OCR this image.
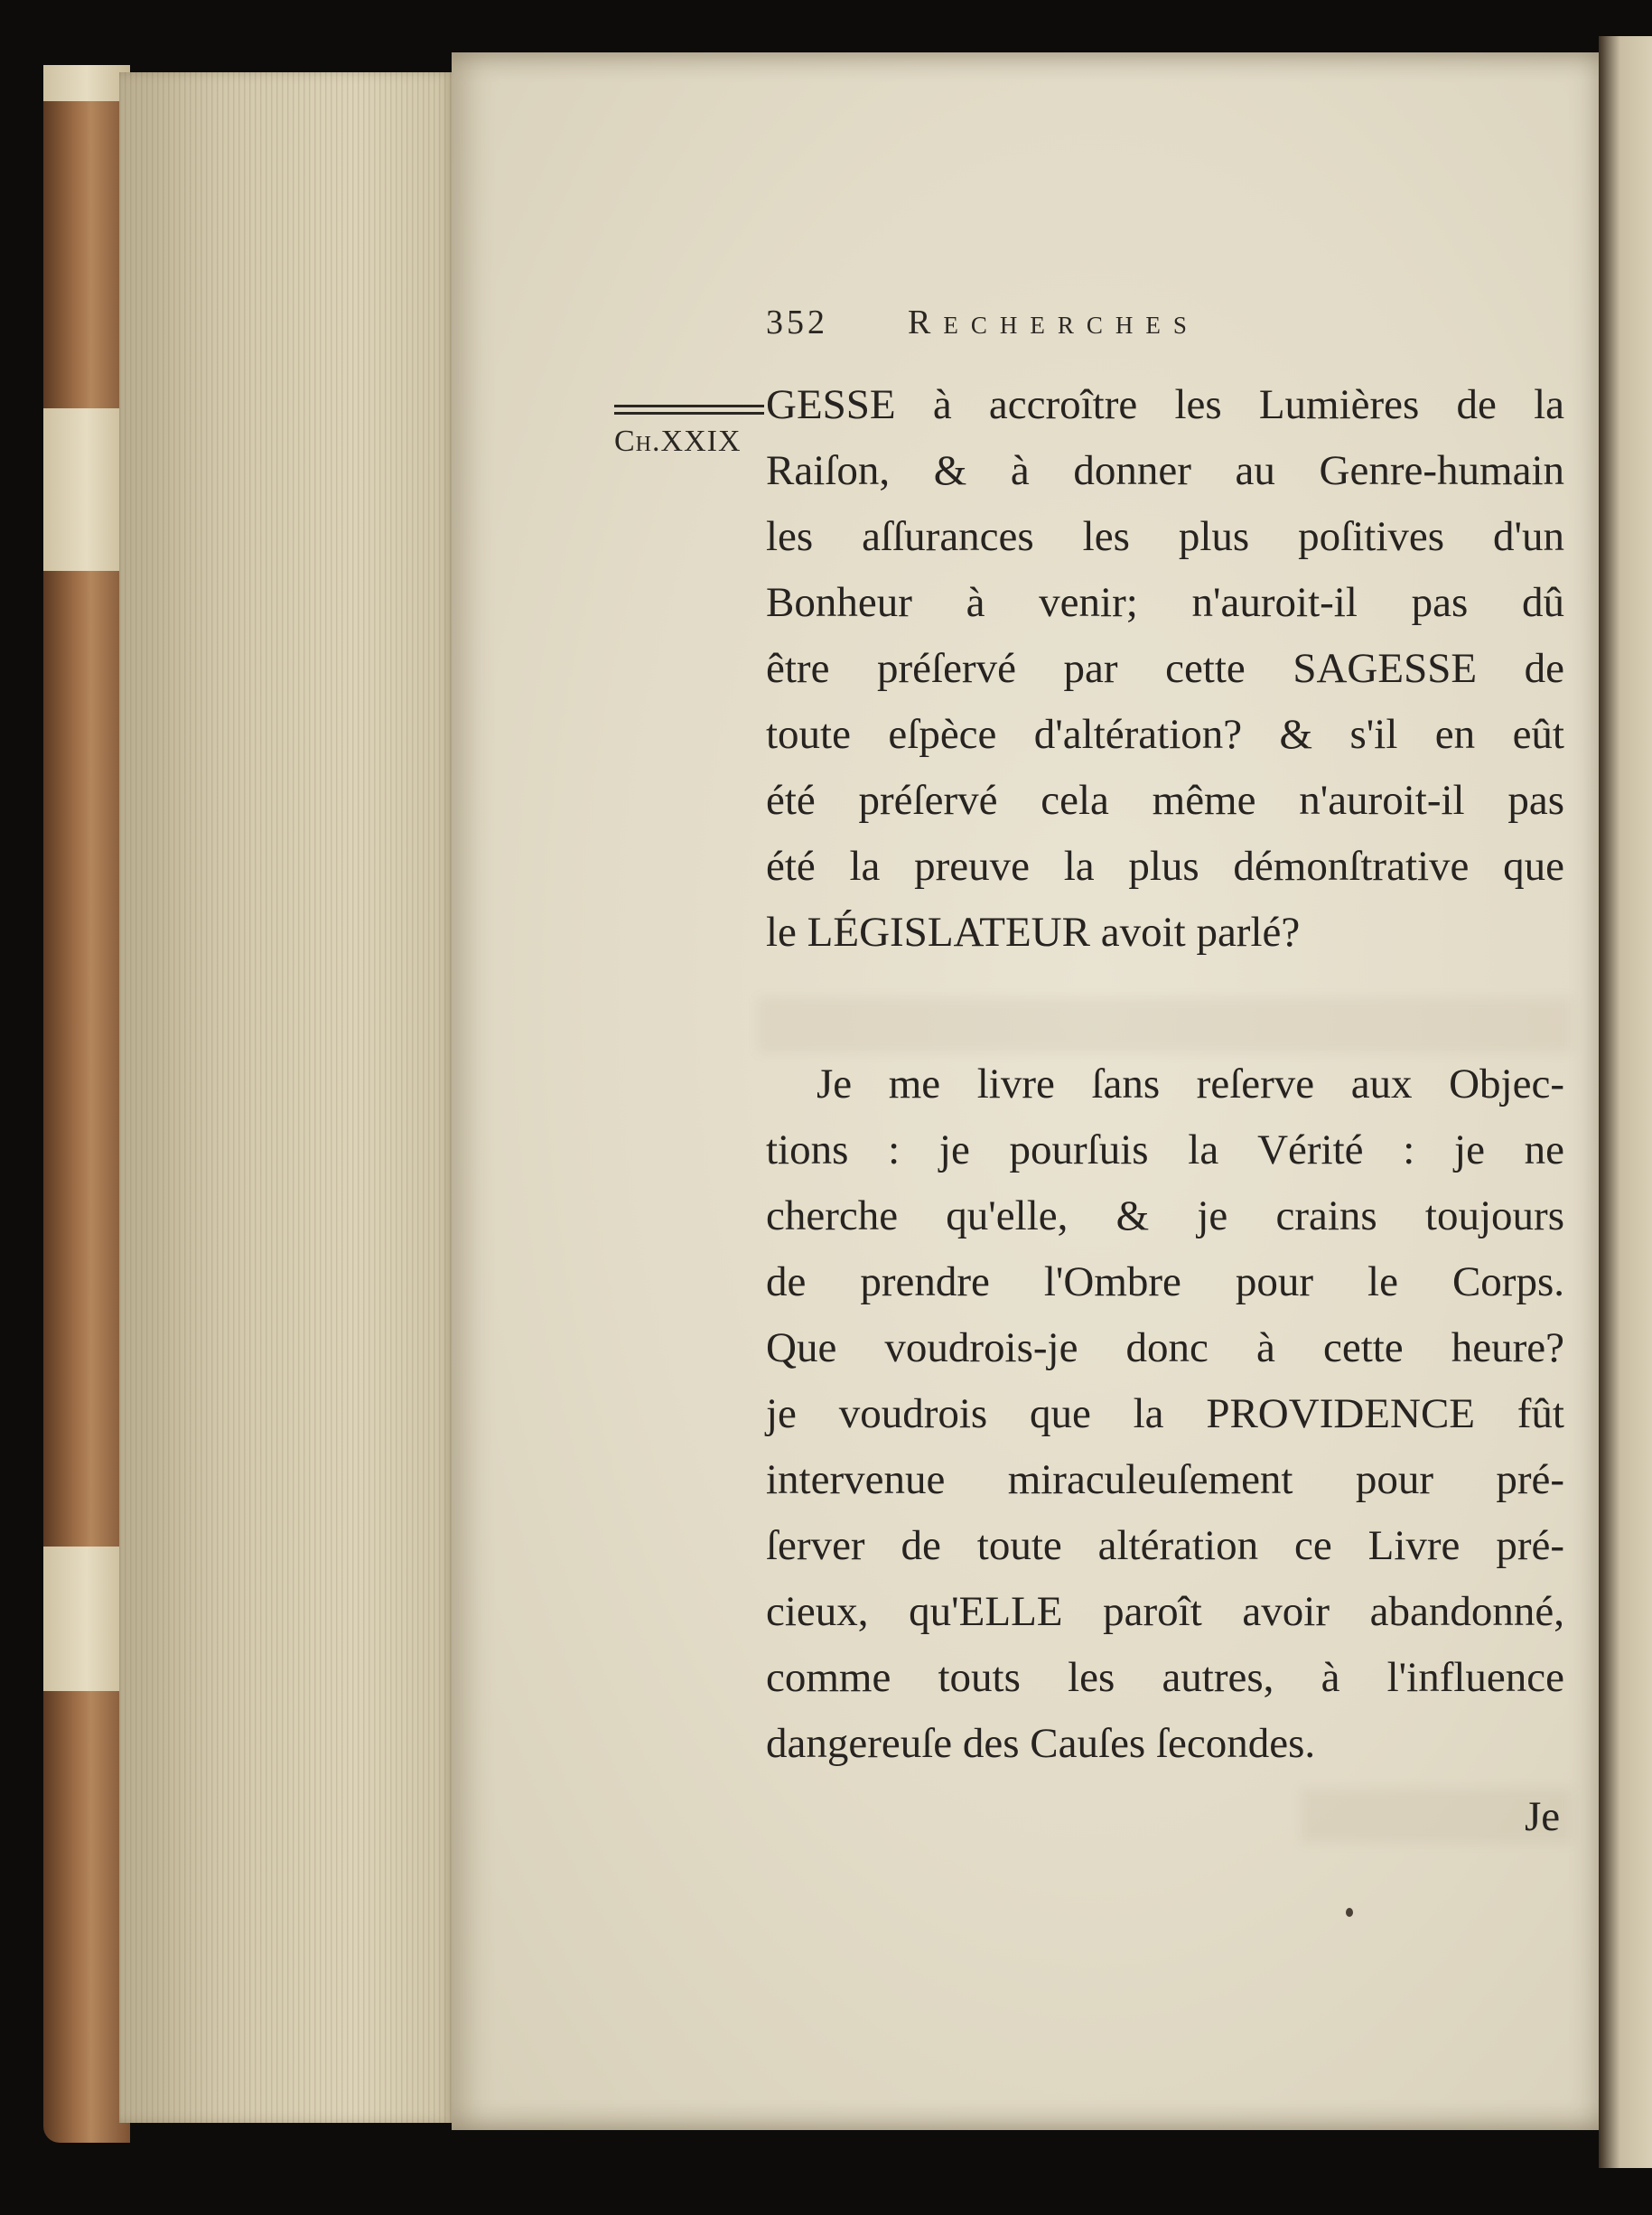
352 Recherches
Ch.XXIX
GESSE à accroître les Lumières de la
Raiſon, & à donner au Genre-humain
les aſſurances les plus poſitives d'un
Bonheur à venir; n'auroit-il pas dû
être préſervé par cette SAGESSE de
toute eſpèce d'altération? & s'il en eût
été préſervé cela même n'auroit-il pas
été la preuve la plus démonſtrative que
le LÉGISLATEUR avoit parlé?
Je me livre ſans reſerve aux Objec-
tions : je pourſuis la Vérité : je ne
cherche qu'elle, & je crains toujours
de prendre l'Ombre pour le Corps.
Que voudrois-je donc à cette heure?
je voudrois que la PROVIDENCE fût
intervenue miraculeuſement pour pré-
ſerver de toute altération ce Livre pré-
cieux, qu'ELLE paroît avoir abandonné,
comme touts les autres, à l'influence
dangereuſe des Cauſes ſecondes.
Je
